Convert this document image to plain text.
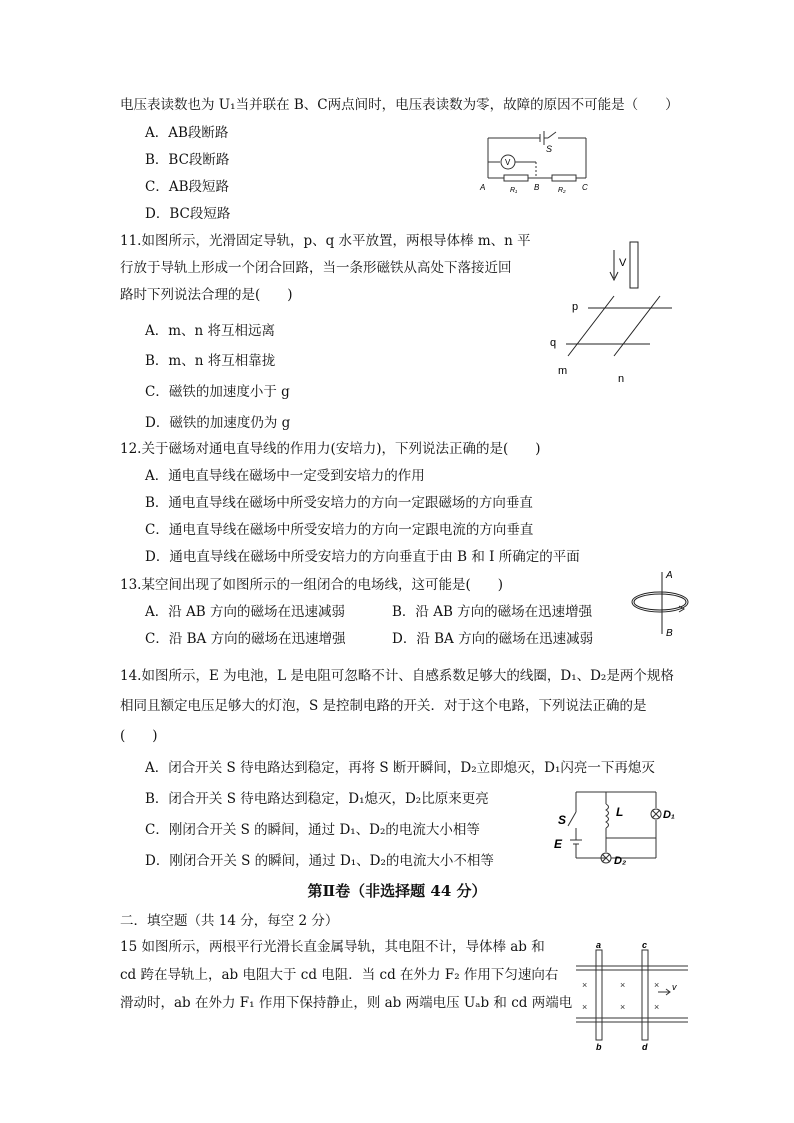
电压表读数也为 U₁当并联在 B、C两点间时，电压表读数为零，故障的原因不可能是（　　）
A．AB段断路
B．BC段断路
C．AB段短路
D．BC段短路
S
V
A	R₁ B	R₂ C
11.如图所示，光滑固定导轨，p、q 水平放置，两根导体棒 m、n 平
行放于导轨上形成一个闭合回路，当一条形磁铁从高处下落接近回
路时下列说法合理的是(　　)
A．m、n 将互相远离
B．m、n 将互相靠拢
C．磁铁的加速度小于 g
D．磁铁的加速度仍为 g
V
p
q
m
n
12.关于磁场对通电直导线的作用力(安培力)，下列说法正确的是(　　)
A．通电直导线在磁场中一定受到安培力的作用
B．通电直导线在磁场中所受安培力的方向一定跟磁场的方向垂直
C．通电直导线在磁场中所受安培力的方向一定跟电流的方向垂直
D．通电直导线在磁场中所受安培力的方向垂直于由 B 和 I 所确定的平面
13.某空间出现了如图所示的一组闭合的电场线，这可能是(　　)
A．沿 AB 方向的磁场在迅速减弱	B．沿 AB 方向的磁场在迅速增强
C．沿 BA 方向的磁场在迅速增强	D．沿 BA 方向的磁场在迅速减弱
A
B
14.如图所示，E 为电池，L 是电阻可忽略不计、自感系数足够大的线圈，D₁、D₂是两个规格
相同且额定电压足够大的灯泡，S 是控制电路的开关．对于这个电路，下列说法正确的是
(　　)
A．闭合开关 S 待电路达到稳定，再将 S 断开瞬间，D₂立即熄灭，D₁闪亮一下再熄灭
B．闭合开关 S 待电路达到稳定，D₁熄灭，D₂比原来更亮
C．刚闭合开关 S 的瞬间，通过 D₁、D₂的电流大小相等
D．刚闭合开关 S 的瞬间，通过 D₁、D₂的电流大小不相等
S
L	D₁
E
D₂
第Ⅱ卷（非选择题 44 分）
二．填空题（共 14 分，每空 2 分）
15 如图所示，两根平行光滑长直金属导轨，其电阻不计，导体棒 ab 和
cd 跨在导轨上，ab 电阻大于 cd 电阻．当 cd 在外力 F₂ 作用下匀速向右
滑动时，ab 在外力 F₁ 作用下保持静止，则 ab 两端电压 Uₐb 和 cd 两端电
×
×
×
×
×
×
a	c
b	d
v
